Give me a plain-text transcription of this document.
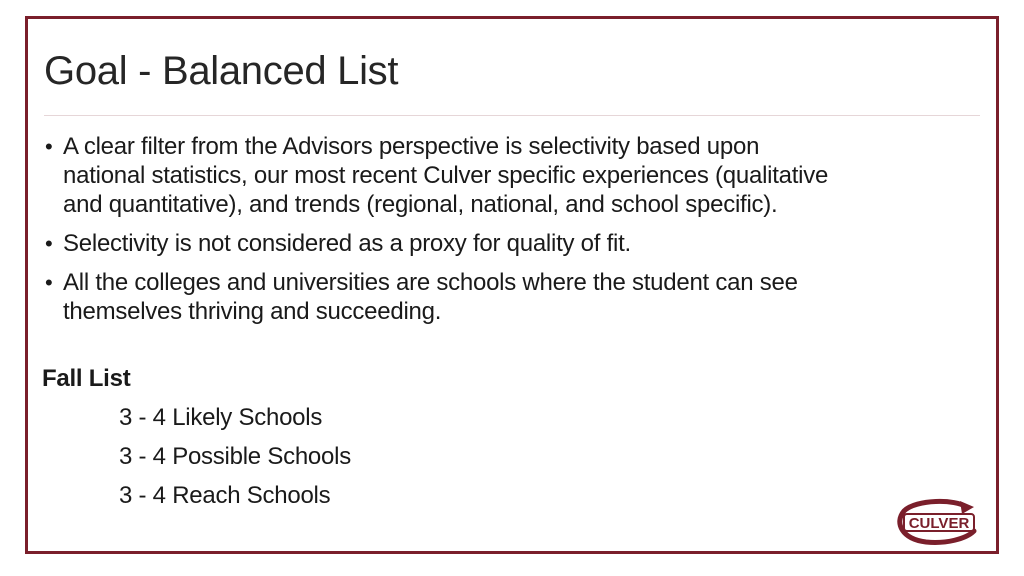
Goal - Balanced List
• A clear filter from the Advisors perspective is selectivity based upon national statistics, our most recent Culver specific experiences (qualitative and quantitative), and trends (regional, national, and school specific).
• Selectivity is not considered as a proxy for quality of fit.
• All the colleges and universities are schools where the student can see themselves thriving and succeeding.
Fall List
3 - 4 Likely Schools
3 - 4 Possible Schools
3 - 4 Reach Schools
CULVER
